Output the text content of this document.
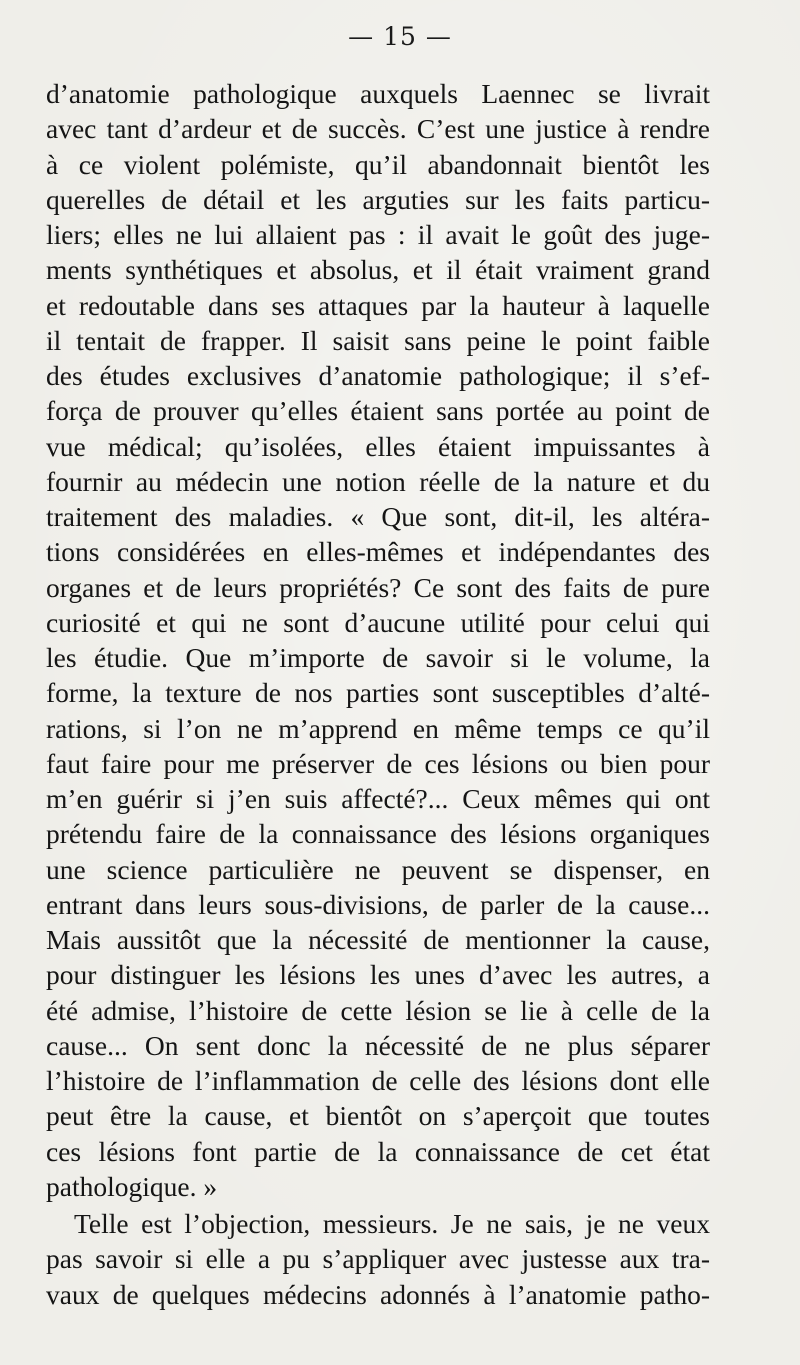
— 15 —
d’anatomie pathologique auxquels Laennec se livrait
avec tant d’ardeur et de succès. C’est une justice à rendre
à ce violent polémiste, qu’il abandonnait bientôt les
querelles de détail et les arguties sur les faits particu-
liers; elles ne lui allaient pas : il avait le goût des juge-
ments synthétiques et absolus, et il était vraiment grand
et redoutable dans ses attaques par la hauteur à laquelle
il tentait de frapper. Il saisit sans peine le point faible
des études exclusives d’anatomie pathologique; il s’ef-
força de prouver qu’elles étaient sans portée au point de
vue médical; qu’isolées, elles étaient impuissantes à
fournir au médecin une notion réelle de la nature et du
traitement des maladies. « Que sont, dit-il, les altéra-
tions considérées en elles-mêmes et indépendantes des
organes et de leurs propriétés? Ce sont des faits de pure
curiosité et qui ne sont d’aucune utilité pour celui qui
les étudie. Que m’importe de savoir si le volume, la
forme, la texture de nos parties sont susceptibles d’alté-
rations, si l’on ne m’apprend en même temps ce qu’il
faut faire pour me préserver de ces lésions ou bien pour
m’en guérir si j’en suis affecté?... Ceux mêmes qui ont
prétendu faire de la connaissance des lésions organiques
une science particulière ne peuvent se dispenser, en
entrant dans leurs sous-divisions, de parler de la cause...
Mais aussitôt que la nécessité de mentionner la cause,
pour distinguer les lésions les unes d’avec les autres, a
été admise, l’histoire de cette lésion se lie à celle de la
cause... On sent donc la nécessité de ne plus séparer
l’histoire de l’inflammation de celle des lésions dont elle
peut être la cause, et bientôt on s’aperçoit que toutes
ces lésions font partie de la connaissance de cet état
pathologique. »
Telle est l’objection, messieurs. Je ne sais, je ne veux
pas savoir si elle a pu s’appliquer avec justesse aux tra-
vaux de quelques médecins adonnés à l’anatomie patho-
